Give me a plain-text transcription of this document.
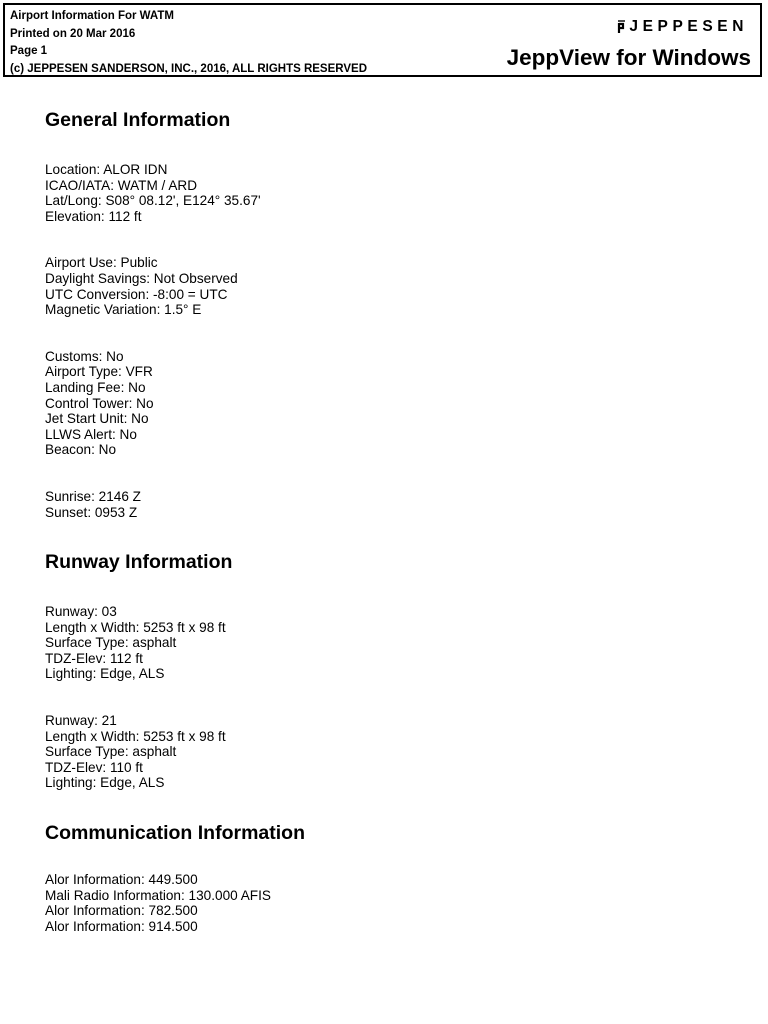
Airport Information For WATM
Printed on 20 Mar 2016
Page 1
(c) JEPPESEN SANDERSON, INC., 2016, ALL RIGHTS RESERVED
JEPPESEN
JeppView for Windows
General Information
Location: ALOR IDN
ICAO/IATA: WATM / ARD
Lat/Long: S08° 08.12', E124° 35.67'
Elevation: 112 ft
Airport Use: Public
Daylight Savings: Not Observed
UTC Conversion: -8:00 = UTC
Magnetic Variation: 1.5° E
Customs: No
Airport Type: VFR
Landing Fee: No
Control Tower: No
Jet Start Unit: No
LLWS Alert: No
Beacon: No
Sunrise: 2146 Z
Sunset: 0953 Z
Runway Information
Runway: 03
Length x Width: 5253 ft x 98 ft
Surface Type: asphalt
TDZ-Elev: 112 ft
Lighting: Edge, ALS
Runway: 21
Length x Width: 5253 ft x 98 ft
Surface Type: asphalt
TDZ-Elev: 110 ft
Lighting: Edge, ALS
Communication Information
Alor Information: 449.500
Mali Radio Information: 130.000 AFIS
Alor Information: 782.500
Alor Information: 914.500
